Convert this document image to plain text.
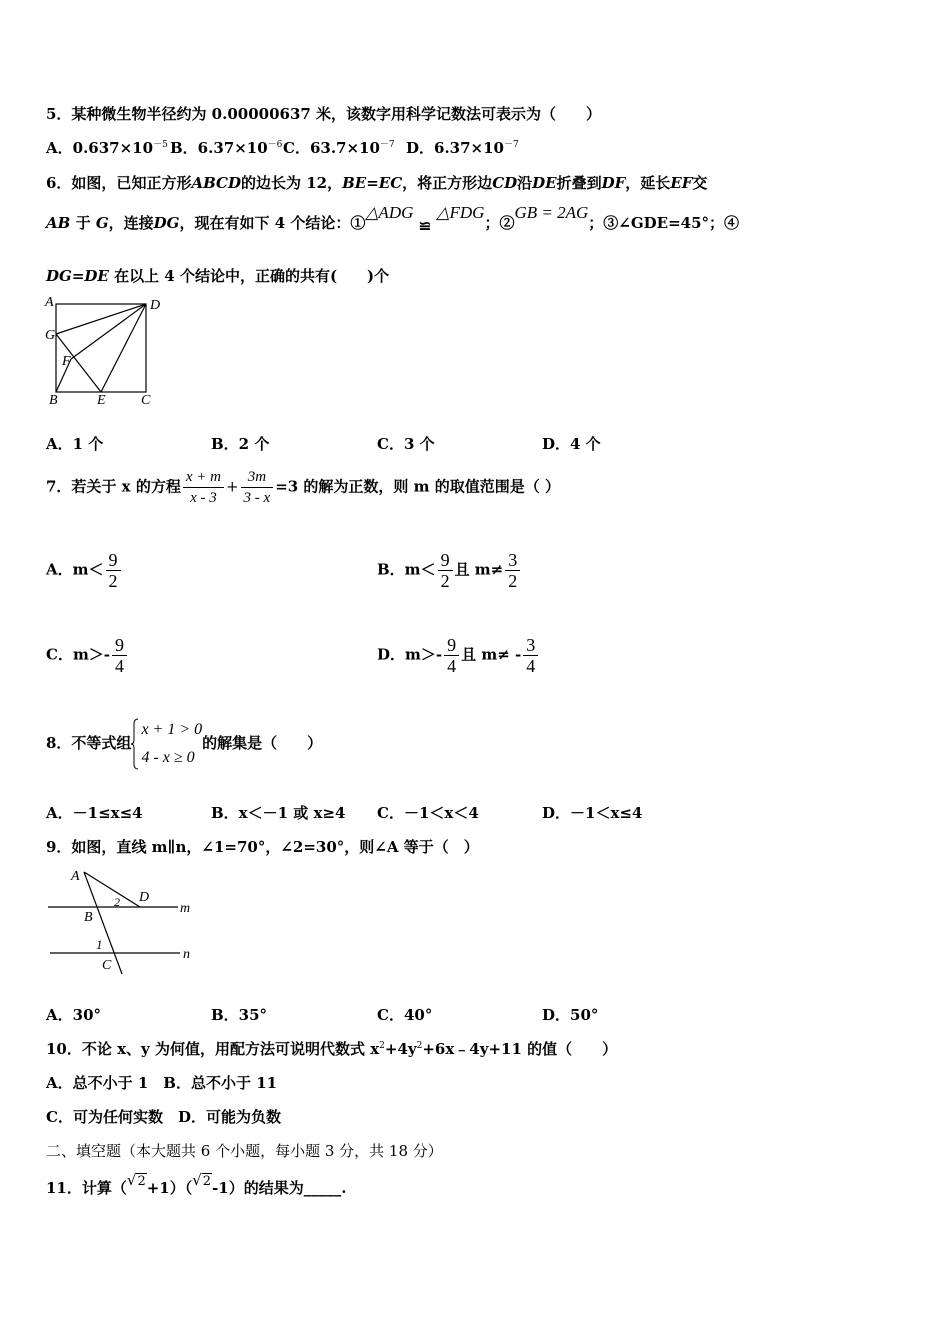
5．某种微生物半径约为 0.00000637 米，该数字用科学记数法可表示为（　　）
A．$0.637\times 10^{-5}$ B．$6.37\times 10^{-6}$ C．$63.7\times 10^{-7}$ D．$6.37\times 10^{-7}$
6．如图，已知正方形ABCD的边长为 12，BE=EC，将正方形边CD沿DE折叠到DF，延长EF交
AB 于 G，连接DG，现在有如下 4 个结论：①△ADG ≌ △FDG；②GB = 2AG；③∠GDE=45°；④
DG=DE 在以上 4 个结论中，正确的共有(　　)个
A	D
G
F
B	E	C
A．1 个	B．2 个	C．3 个	D．4 个
7．若关于 x 的方程 $\frac{x + m}{x - 3} + \frac{3m}{3 - x} =3$ 的解为正数，则 m 的取值范围是（ ）
A．$m< \frac{9}{2}$	B．$m< \frac{9}{2}$ 且 $m\ne \frac{3}{2}$
C．$m>- \frac{9}{4}$	D．$m>- \frac{9}{4}$ 且 $m\ne - \frac{3}{4}$
8．不等式组
x + 1 > 0
4 - x ≥ 0
的解集是（　　）
A．－1≤x≤4	B．x＜－1 或 x≥4 C．－1＜x＜4	D．－1＜x≤4
9．如图，直线 m∥n，∠1=70°，∠2=30°，则∠A 等于（　）
A
D
2
B
m
1
n
C
A．30°	B．35°	C．40°	D．50°
10．不论 x、y 为何值，用配方法可说明代数式 $x^2+4y^2+6x﹣4y+11$ 的值（　　）
A．总不小于 1　B．总不小于 11
C．可为任何实数　D．可能为负数
二、填空题（本大题共 6 个小题，每小题 3 分，共 18 分）
11．计算（√2+1）（√2-1）的结果为_____.
